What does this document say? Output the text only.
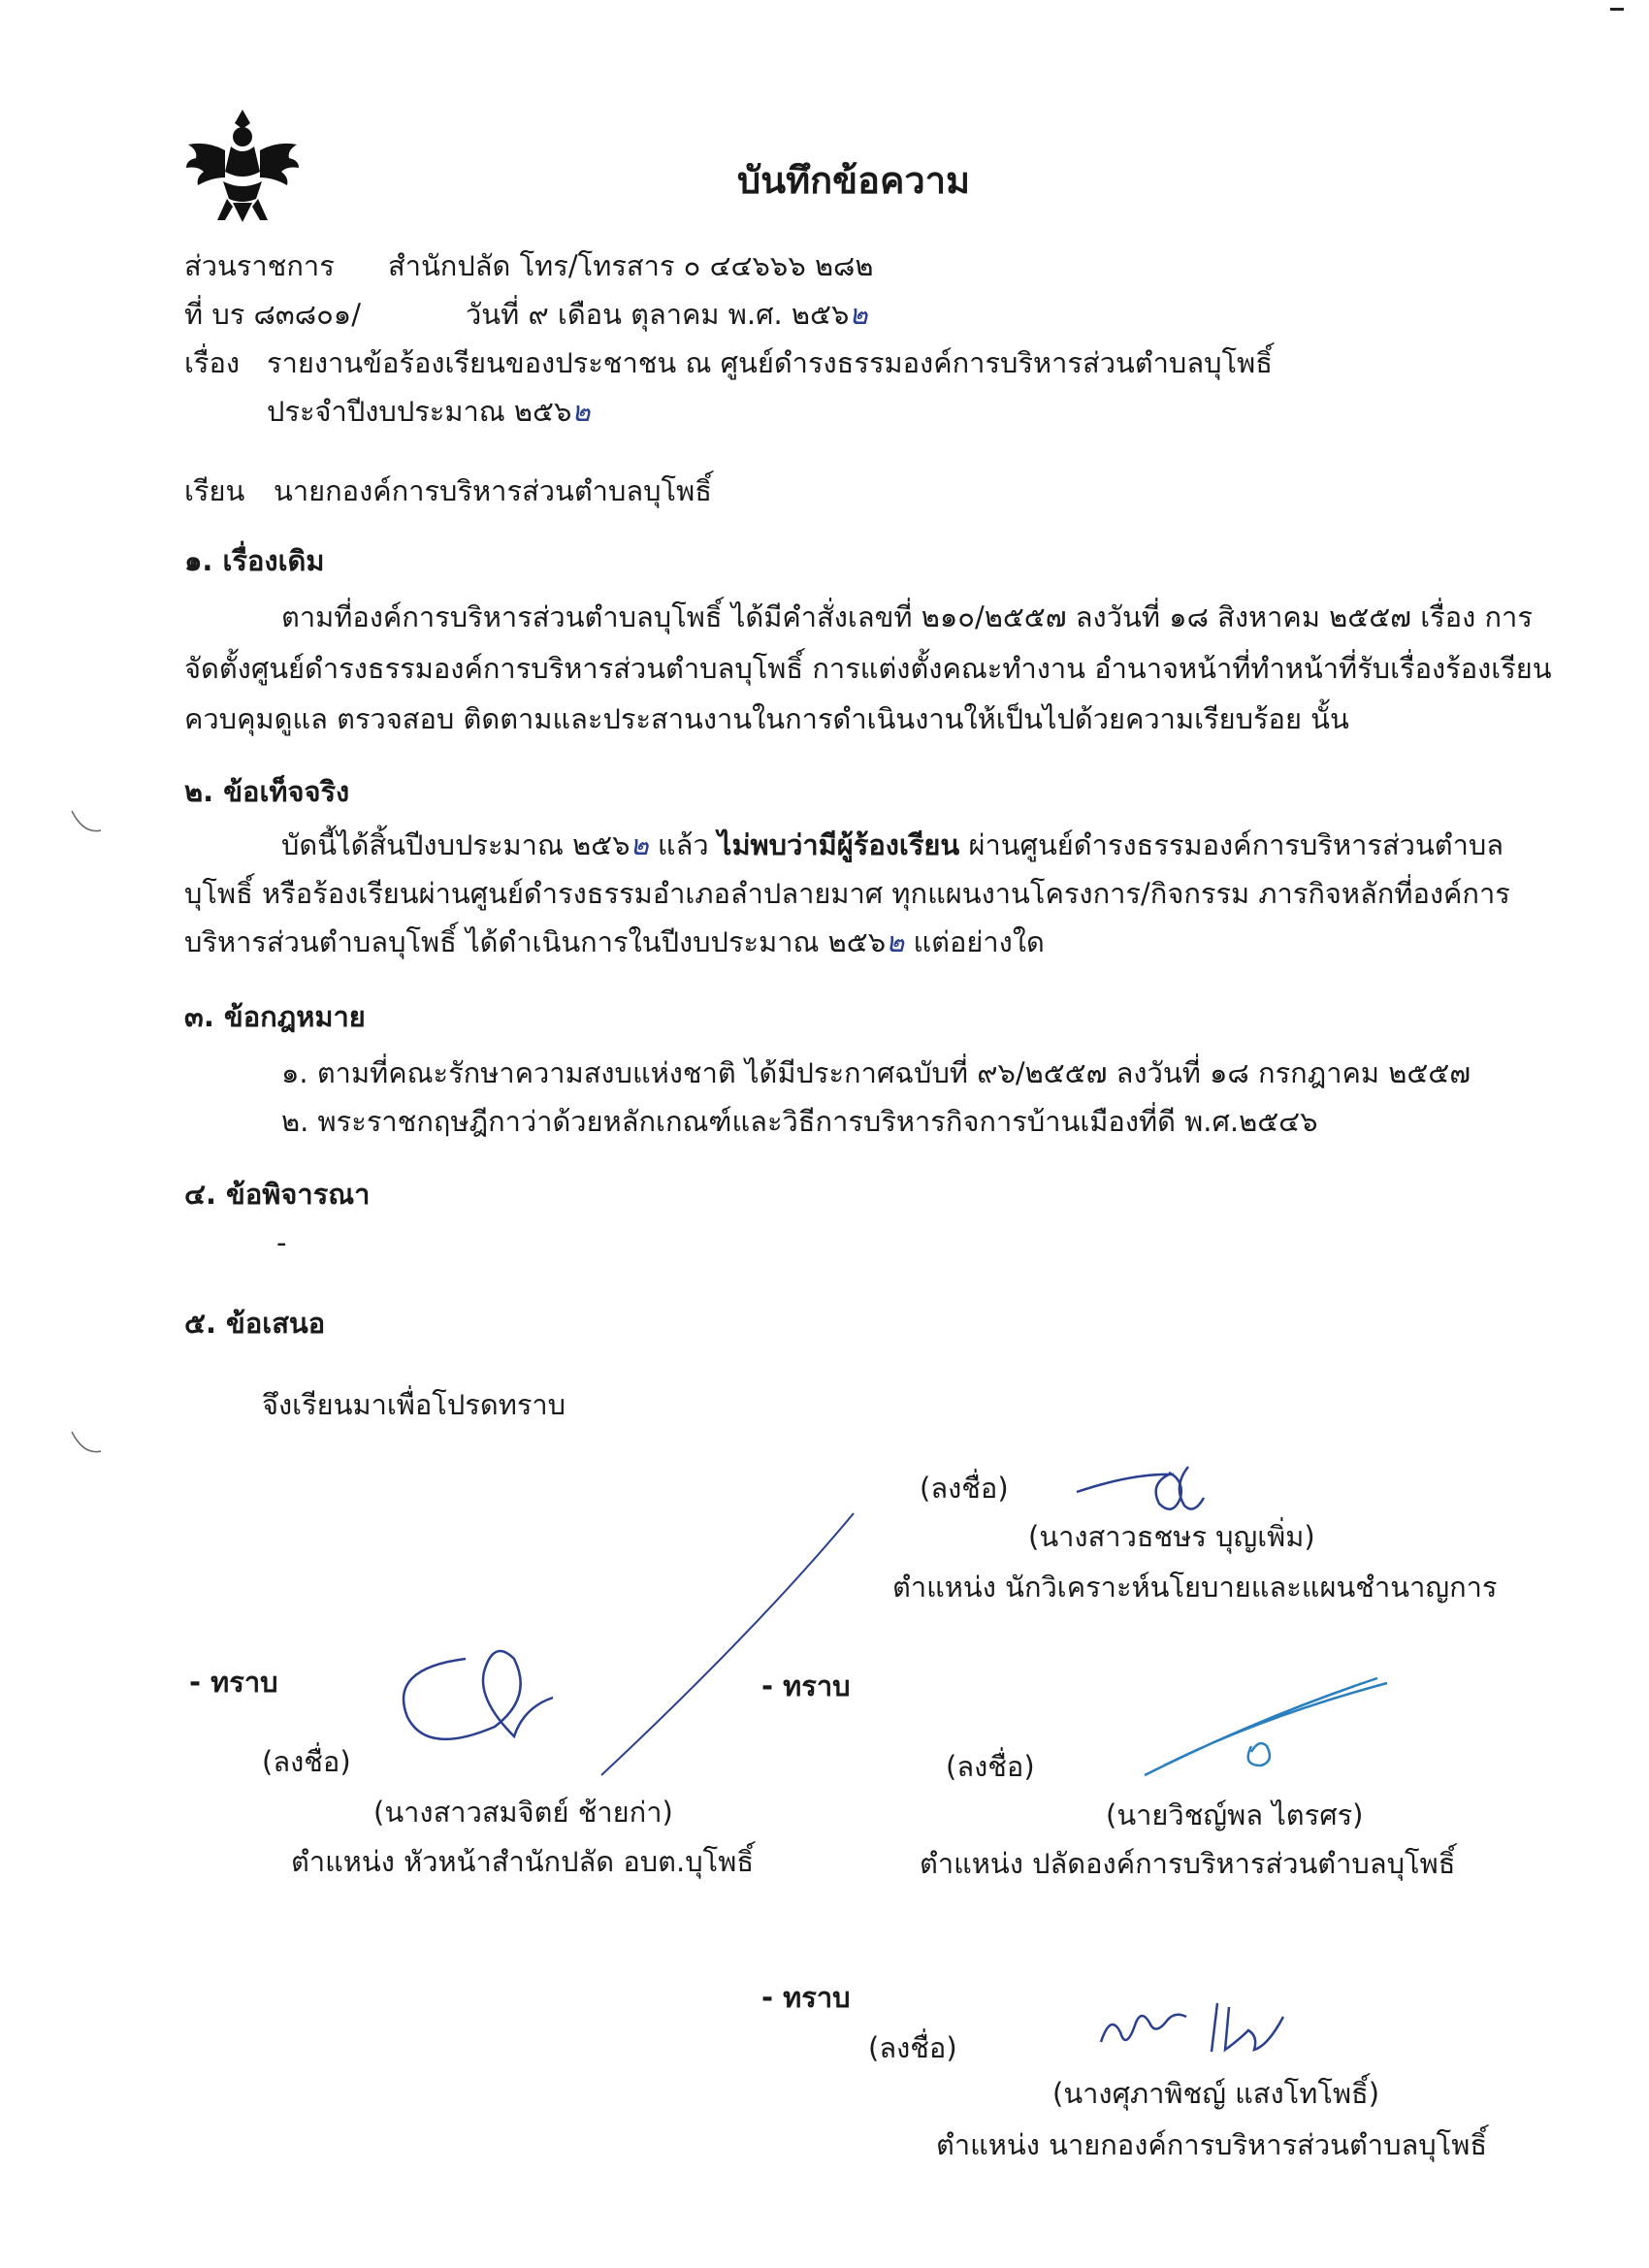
บันทึกข้อความ
ส่วนราชการ สำนักปลัด โทร/โทรสาร ๐ ๔๔๖๖๖ ๒๘๒
ที่ บร ๘๓๘๐๑/	วันที่ ๙ เดือน ตุลาคม พ.ศ. ๒๕๖๒
เรื่อง รายงานข้อร้องเรียนของประชาชน ณ ศูนย์ดำรงธรรมองค์การบริหารส่วนตำบลบุโพธิ์
ประจำปีงบประมาณ ๒๕๖๒
เรียน นายกองค์การบริหารส่วนตำบลบุโพธิ์
๑. เรื่องเดิม
ตามที่องค์การบริหารส่วนตำบลบุโพธิ์ ได้มีคำสั่งเลขที่ ๒๑๐/๒๕๕๗ ลงวันที่ ๑๘ สิงหาคม ๒๕๕๗ เรื่อง การ
จัดตั้งศูนย์ดำรงธรรมองค์การบริหารส่วนตำบลบุโพธิ์ การแต่งตั้งคณะทำงาน อำนาจหน้าที่ทำหน้าที่รับเรื่องร้องเรียน
ควบคุมดูแล ตรวจสอบ ติดตามและประสานงานในการดำเนินงานให้เป็นไปด้วยความเรียบร้อย นั้น
๒. ข้อเท็จจริง
บัดนี้ได้สิ้นปีงบประมาณ ๒๕๖๒ แล้ว ไม่พบว่ามีผู้ร้องเรียน ผ่านศูนย์ดำรงธรรมองค์การบริหารส่วนตำบล
บุโพธิ์ หรือร้องเรียนผ่านศูนย์ดำรงธรรมอำเภอลำปลายมาศ ทุกแผนงานโครงการ/กิจกรรม ภารกิจหลักที่องค์การ
บริหารส่วนตำบลบุโพธิ์ ได้ดำเนินการในปีงบประมาณ ๒๕๖๒ แต่อย่างใด
๓. ข้อกฎหมาย
๑. ตามที่คณะรักษาความสงบแห่งชาติ ได้มีประกาศฉบับที่ ๙๖/๒๕๕๗ ลงวันที่ ๑๘ กรกฎาคม ๒๕๕๗
๒. พระราชกฤษฎีกาว่าด้วยหลักเกณฑ์และวิธีการบริหารกิจการบ้านเมืองที่ดี พ.ศ.๒๕๔๖
๔. ข้อพิจารณา
-
๕. ข้อเสนอ
จึงเรียนมาเพื่อโปรดทราบ
(ลงชื่อ)
(นางสาวธชษร บุญเพิ่ม)
ตำแหน่ง นักวิเคราะห์นโยบายและแผนชำนาญการ
- ทราบ
(ลงชื่อ)
(นางสาวสมจิตย์ ช้ายก่า)
ตำแหน่ง หัวหน้าสำนักปลัด อบต.บุโพธิ์
- ทราบ
(ลงชื่อ)
(นายวิชญ์พล ไตรศร)
ตำแหน่ง ปลัดองค์การบริหารส่วนตำบลบุโพธิ์
- ทราบ
(ลงชื่อ)
(นางศุภาพิชญ์ แสงโทโพธิ์)
ตำแหน่ง นายกองค์การบริหารส่วนตำบลบุโพธิ์
